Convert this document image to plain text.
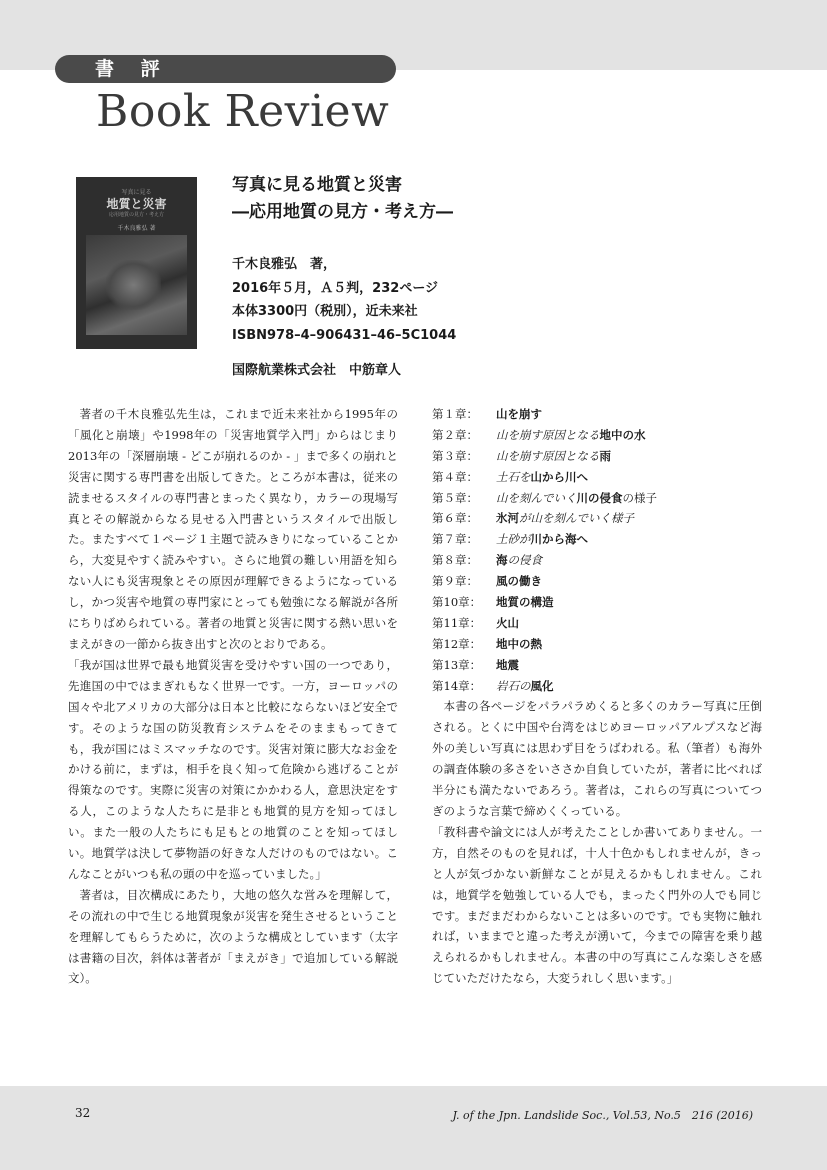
書 評
Book Review
写真に見る
地質と災害
応用地質の見方・考え方
千木良雅弘 著
写真に見る地質と災害
―応用地質の見方・考え方―
千木良雅弘　著，
2016年５月，Ａ５判，232ページ
本体3300円（税別），近未来社
ISBN978–4–906431–46–5C1044
国際航業株式会社　中筋章人

著者の千木良雅弘先生は，これまで近未来社から1995年の「風化と崩壊」や1998年の「災害地質学入門」からはじまり2013年の「深層崩壊 - どこが崩れるのか - 」まで多くの崩れと災害に関する専門書を出版してきた。ところが本書は，従来の読ませるスタイルの専門書とまったく異なり，カラーの現場写真とその解説からなる見せる入門書というスタイルで出版した。またすべて１ページ１主題で読みきりになっていることから，大変見やすく読みやすい。さらに地質の難しい用語を知らない人にも災害現象とその原因が理解できるようになっているし，かつ災害や地質の専門家にとっても勉強になる解説が各所にちりばめられている。著者の地質と災害に関する熱い思いをまえがきの一節から抜き出すと次のとおりである。

「我が国は世界で最も地質災害を受けやすい国の一つであり，先進国の中ではまぎれもなく世界一です。一方，ヨーロッパの国々や北アメリカの大部分は日本と比較にならないほど安全です。そのような国の防災教育システムをそのままもってきても，我が国にはミスマッチなのです。災害対策に膨大なお金をかける前に，まずは，相手を良く知って危険から逃げることが得策なのです。実際に災害の対策にかかわる人，意思決定をする人，このような人たちに是非とも地質的見方を知ってほしい。また一般の人たちにも足もとの地質のことを知ってほしい。地質学は決して夢物語の好きな人だけのものではない。こんなことがいつも私の頭の中を巡っていました。」

著者は，目次構成にあたり，大地の悠久な営みを理解して，その流れの中で生じる地質現象が災害を発生させるということを理解してもらうために，次のような構成としています（太字は書籍の目次，斜体は著者が「まえがき」で追加している解説文）。

第１章：	山を崩す
第２章：	山を崩す原因となる地中の水
第３章：	山を崩す原因となる雨
第４章：	土石を山から川へ
第５章：	山を刻んでいく川の侵食の様子
第６章：	氷河が山を刻んでいく様子
第７章：	土砂が川から海へ
第８章：	海の侵食
第９章：	風の働き
第10章：	地質の構造
第11章：	火山
第12章：	地中の熱
第13章：	地震
第14章：	岩石の風化

本書の各ページをパラパラめくると多くのカラー写真に圧倒される。とくに中国や台湾をはじめヨーロッパアルプスなど海外の美しい写真には思わず目をうばわれる。私（筆者）も海外の調査体験の多さをいささか自負していたが，著者に比べれば半分にも満たないであろう。著者は，これらの写真についてつぎのような言葉で締めくくっている。

「教科書や論文には人が考えたことしか書いてありません。一方，自然そのものを見れば，十人十色かもしれませんが，きっと人が気づかない新鮮なことが見えるかもしれません。これは，地質学を勉強している人でも，まったく門外の人でも同じです。まだまだわからないことは多いのです。でも実物に触れれば，いままでと違った考えが湧いて，今までの障害を乗り越えられるかもしれません。本書の中の写真にこんな楽しさを感じていただけたなら，大変うれしく思います。」

32	J. of the Jpn. Landslide Soc., Vol.53, No.5　216 (2016)
